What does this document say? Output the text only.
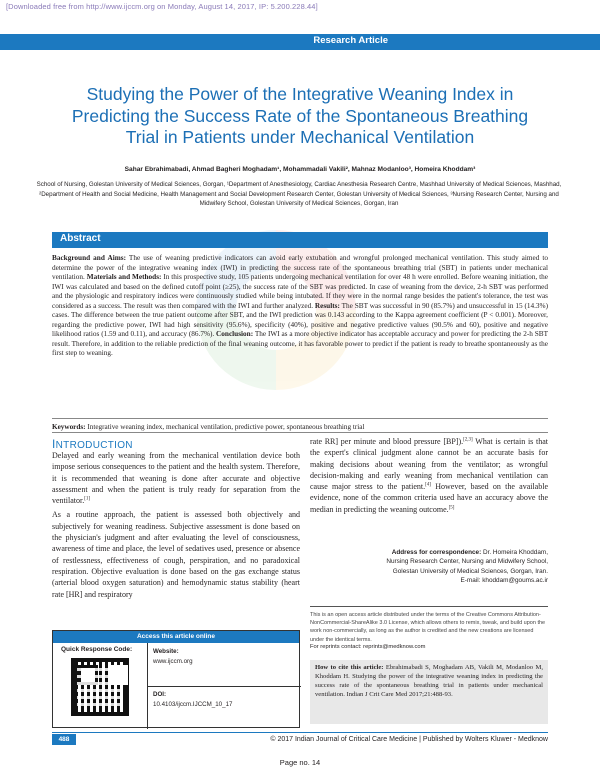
[Downloaded free from http://www.ijccm.org on Monday, August 14, 2017, IP: 5.200.228.44]
Research Article
Studying the Power of the Integrative Weaning Index in Predicting the Success Rate of the Spontaneous Breathing Trial in Patients under Mechanical Ventilation
Sahar Ebrahimabadi, Ahmad Bagheri Moghadam¹, Mohammadali Vakili², Mahnaz Modanloo³, Homeira Khoddam³
School of Nursing, Golestan University of Medical Sciences, Gorgan, ¹Department of Anesthesiology, Cardiac Anesthesia Research Centre, Mashhad University of Medical Sciences, Mashhad, ²Department of Health and Social Medicine, Health Management and Social Development Research Center, Golestan University of Medical Sciences, ³Nursing Research Center, Nursing and Midwifery School, Golestan University of Medical Sciences, Gorgan, Iran
Abstract
Background and Aims: The use of weaning predictive indicators can avoid early extubation and wrongful prolonged mechanical ventilation. This study aimed to determine the power of the integrative weaning index (IWI) in predicting the success rate of the spontaneous breathing trial (SBT) in patients under mechanical ventilation. Materials and Methods: In this prospective study, 105 patients undergoing mechanical ventilation for over 48 h were enrolled. Before weaning initiation, the IWI was calculated and based on the defined cutoff point (≥25), the success rate of the SBT was predicted. In case of weaning from the device, 2-h SBT was performed and the physiologic and respiratory indices were continuously studied while being intubated. If they were in the normal range besides the patient's tolerance, the test was considered as a success. The result was then compared with the IWI and further analyzed. Results: The SBT was successful in 90 (85.7%) and unsuccessful in 15 (14.3%) cases. The difference between the true patient outcome after SBT, and the IWI prediction was 0.143 according to the Kappa agreement coefficient (P < 0.001). Moreover, regarding the predictive power, IWI had high sensitivity (95.6%), specificity (40%), positive and negative predictive values (90.5% and 60), positive and negative likelihood ratios (1.59 and 0.11), and accuracy (86.7%). Conclusion: The IWI as a more objective indicator has acceptable accuracy and power for predicting the 2-h SBT result. Therefore, in addition to the reliable prediction of the final weaning outcome, it has favorable power to predict if the patient is ready to breathe spontaneously as the first step to weaning.
Keywords: Integrative weaning index, mechanical ventilation, predictive power, spontaneous breathing trial
INTRODUCTION

Delayed and early weaning from the mechanical ventilation device both impose serious consequences to the patient and the health system. Therefore, it is recommended that weaning is done after accurate and objective assessment and when the patient is truly ready for separation from the ventilator.[1]

As a routine approach, the patient is assessed both objectively and subjectively for weaning readiness. Subjective assessment is done based on the physician's judgment and after evaluating the level of consciousness, awareness of time and place, the level of sedatives used, presence or absence of restlessness, effectiveness of cough, perspiration, and no paradoxical respiration. Objective evaluation is done based on the gas exchange status (arterial blood oxygen saturation) and hemodynamic status stability (heart rate [HR] and respiratory

rate RR] per minute and blood pressure [BP]).[2,3] What is certain is that the expert's clinical judgment alone cannot be an accurate basis for making decisions about weaning from the ventilator; as wrongful decision-making and early weaning from mechanical ventilation can cause major stress to the patient.[4] However, based on the available evidence, none of the common criteria used have an accuracy above the median in predicting the weaning outcome.[5]

Address for correspondence: Dr. Homeira Khoddam,
Nursing Research Center, Nursing and Midwifery School,
Golestan University of Medical Sciences, Gorgan, Iran.
E-mail: khoddam@goums.ac.ir
This is an open access article distributed under the terms of the Creative Commons Attribution-NonCommercial-ShareAlike 3.0 License, which allows others to remix, tweak, and build upon the work non-commercially, as long as the author is credited and the new creations are licensed under the identical terms.
For reprints contact: reprints@medknow.com
How to cite this article: Ebrahimabadi S, Moghadam AB, Vakili M, Modanloo M, Khoddam H. Studying the power of the integrative weaning index in predicting the success rate of the spontaneous breathing trial in patients under mechanical ventilation. Indian J Crit Care Med 2017;21:488-93.
Access this article online
Quick Response Code:	Website:
www.ijccm.org
DOI:
10.4103/ijccm.IJCCM_10_17
488	© 2017 Indian Journal of Critical Care Medicine | Published by Wolters Kluwer - Medknow
Page no. 14
